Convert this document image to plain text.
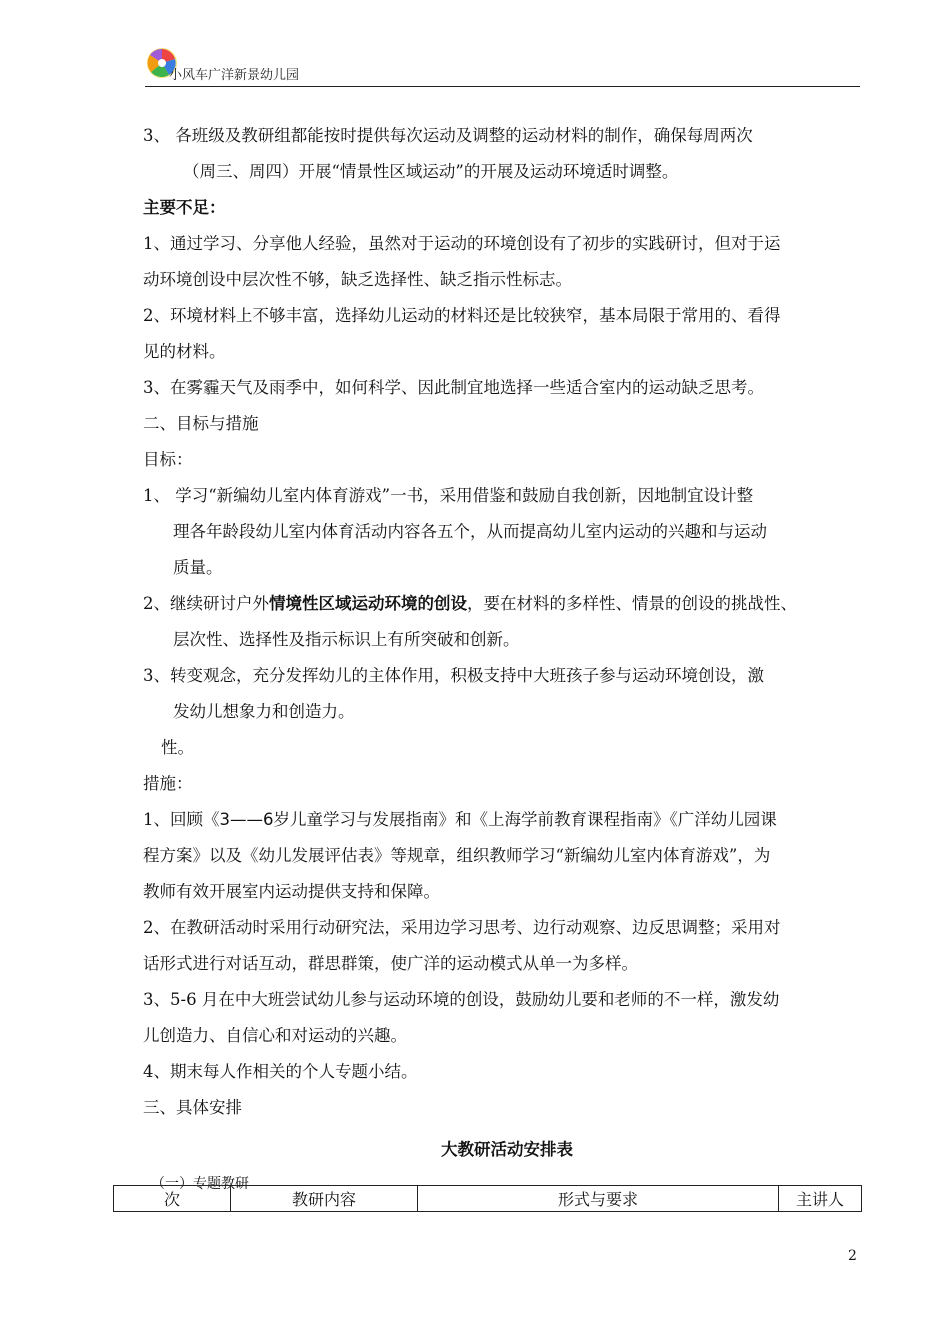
小风车广洋新景幼儿园
3、 各班级及教研组都能按时提供每次运动及调整的运动材料的制作，确保每周两次
（周三、周四）开展“情景性区域运动”的开展及运动环境适时调整。
主要不足：
1、通过学习、分享他人经验，虽然对于运动的环境创设有了初步的实践研讨，但对于运
动环境创设中层次性不够，缺乏选择性、缺乏指示性标志。
2、环境材料上不够丰富，选择幼儿运动的材料还是比较狭窄，基本局限于常用的、看得
见的材料。
3、在雾霾天气及雨季中，如何科学、因此制宜地选择一些适合室内的运动缺乏思考。
二、目标与措施
目标：
1、 学习“新编幼儿室内体育游戏”一书，采用借鉴和鼓励自我创新，因地制宜设计整
理各年龄段幼儿室内体育活动内容各五个，从而提高幼儿室内运动的兴趣和与运动
质量。
2、继续研讨户外情境性区域运动环境的创设，要在材料的多样性、情景的创设的挑战性、
层次性、选择性及指示标识上有所突破和创新。
3、转变观念，充分发挥幼儿的主体作用，积极支持中大班孩子参与运动环境创设，激
发幼儿想象力和创造力。
性。
措施：
1、回顾《3——6岁儿童学习与发展指南》和《上海学前教育课程指南》《广洋幼儿园课
程方案》以及《幼儿发展评估表》等规章，组织教师学习“新编幼儿室内体育游戏”，为
教师有效开展室内运动提供支持和保障。
2、在教研活动时采用行动研究法，采用边学习思考、边行动观察、边反思调整；采用对
话形式进行对话互动，群思群策，使广洋的运动模式从单一为多样。
3、5-6 月在中大班尝试幼儿参与运动环境的创设，鼓励幼儿要和老师的不一样，激发幼
儿创造力、自信心和对运动的兴趣。
4、期末每人作相关的个人专题小结。
三、具体安排
大教研活动安排表
（一）专题教研
次	教研内容	形式与要求	主讲人
2
